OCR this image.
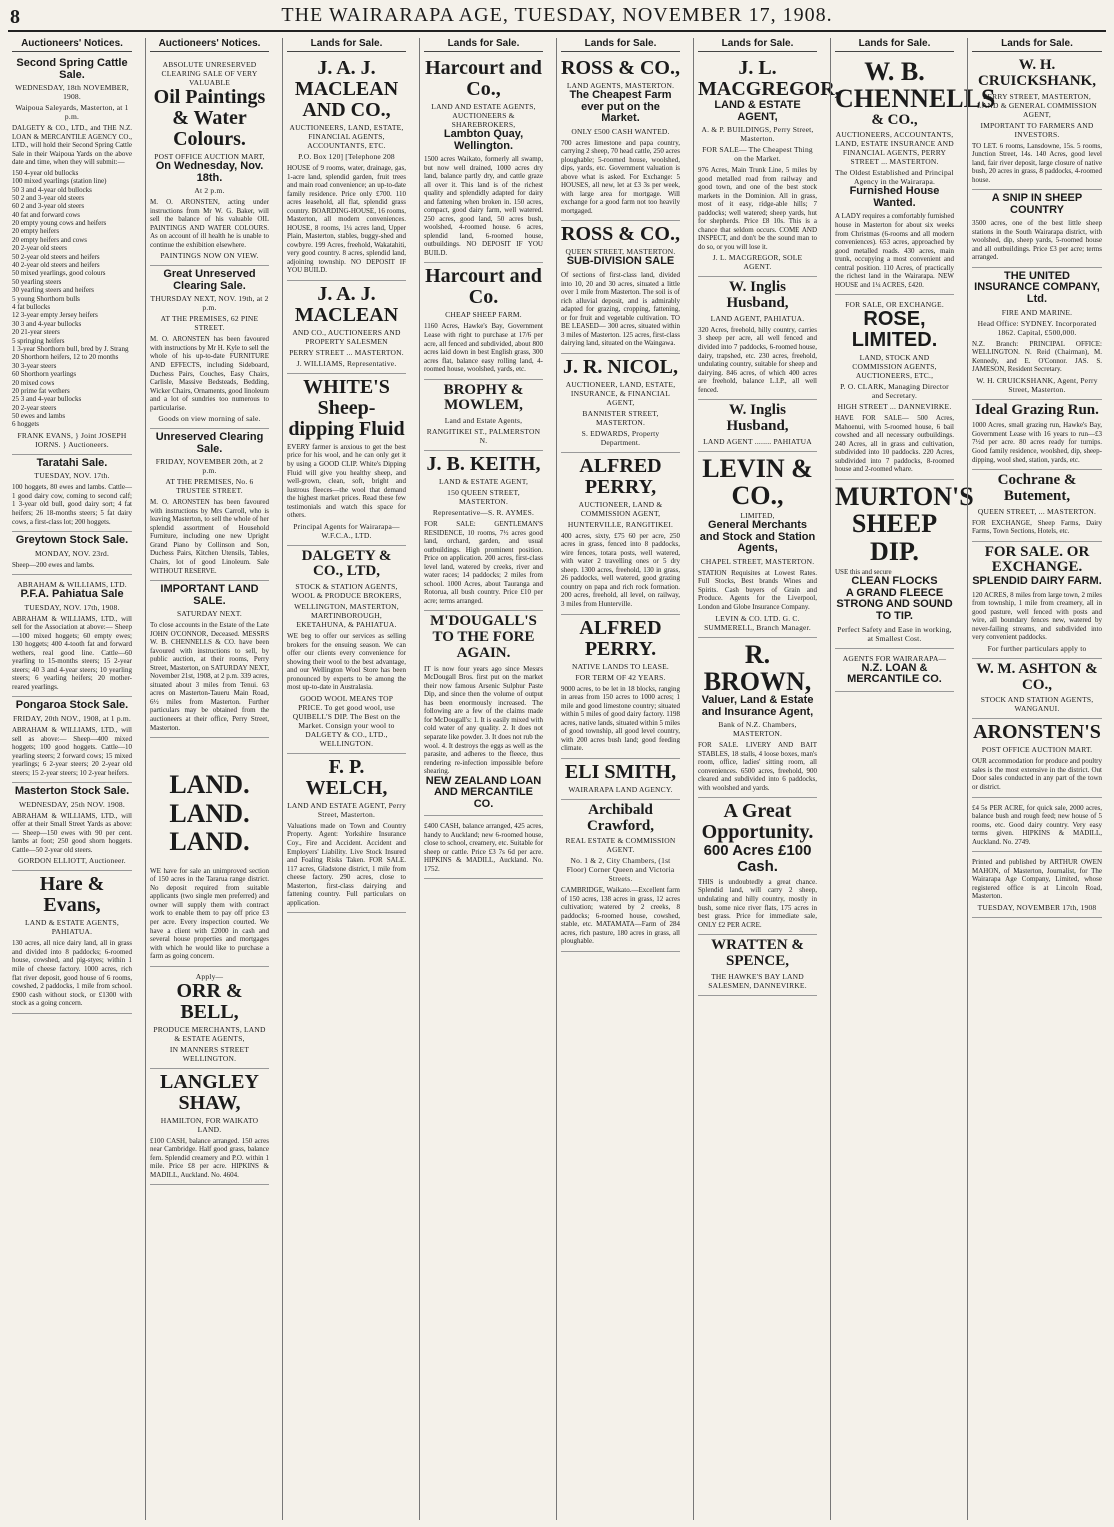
8	THE WAIRARAPA AGE, TUESDAY, NOVEMBER 17, 1908.
Auctioneers' Notices.
Second Spring Cattle Sale.
WEDNESDAY, 18th NOVEMBER, 1908.
Waipoua Saleyards, Masterton, at 1 p.m.
DALGETY & CO., LTD., and THE N.Z. LOAN & MERCANTILE AGENCY CO., LTD., will hold their Second Spring Cattle Sale in their Waipoua Yards on the above date and time, when they will submit:—
150 4-year old bullocks
100 mixed yearlings (station line)
50 3 and 4-year old bullocks
50 2 and 3-year old steers
60 2 and 3-year old steers
40 fat and forward cows
20 empty young cows and heifers
20 empty heifers
20 empty heifers and cows
20 2-year old steers
50 2-year old steers and heifers
40 2-year old steers and heifers
50 mixed yearlings, good colours
50 yearling steers
30 yearling steers and heifers
5 young Shorthorn bulls
4 fat bullocks
12 3-year empty Jersey heifers
30 3 and 4-year bullocks
20 21-year steers
5 springing heifers
1 3-year Shorthorn bull, bred by J. Strang
20 Shorthorn heifers, 12 to 20 months
30 3-year steers
60 Shorthorn yearlings
20 mixed cows
20 prime fat wethers
25 3 and 4-year bullocks
20 2-year steers
50 ewes and lambs
6 hoggets
FRANK EVANS, } Joint JOSEPH IORNS. } Auctioneers.
Taratahi Sale.
TUESDAY, NOV. 17th.
100 hoggets, 80 ewes and lambs. Cattle—1 good dairy cow, coming to second calf; 1 3-year old bull, good dairy sort; 4 fat heifers; 26 18-months steers; 5 fat dairy cows, a first-class lot; 200 hoggets.
Greytown Stock Sale.
MONDAY, NOV. 23rd.
Sheep—200 ewes and lambs.
ABRAHAM & WILLIAMS, LTD.
P.F.A. Pahiatua Sale
TUESDAY, NOV. 17th, 1908.
ABRAHAM & WILLIAMS, LTD., will sell for the Association at above:— Sheep—100 mixed hoggets; 60 empty ewes; 130 hoggets; 400 4-tooth fat and forward wethers, real good line. Cattle—60 yearling to 15-months steers; 15 2-year steers; 40 3 and 4-year steers; 10 yearling steers; 6 yearling heifers; 20 mother-reared yearlings.
Pongaroa Stock Sale.
FRIDAY, 20th NOV., 1908, at 1 p.m.
ABRAHAM & WILLIAMS, LTD., will sell as above:— Sheep—400 mixed hoggets; 100 good hoggets. Cattle—10 yearling steers; 2 forward cows; 15 mixed yearlings; 6 2-year steers; 20 2-year old steers; 15 2-year steers; 10 2-year heifers.
Masterton Stock Sale.
WEDNESDAY, 25th NOV. 1908.
ABRAHAM & WILLIAMS, LTD., will offer at their Small Street Yards as above:— Sheep—150 ewes with 90 per cent. lambs at foot; 250 good shorn hoggets. Cattle—50 2-year old steers.
GORDON ELLIOTT, Auctioneer.
Hare & Evans,
LAND & ESTATE AGENTS, PAHIATUA.
130 acres, all nice dairy land, all in grass and divided into 8 paddocks; 6-roomed house, cowshed, and pig-styes; within 1 mile of cheese factory. 1000 acres, rich flat river deposit, good house of 6 rooms, cowshed, 2 paddocks, 1 mile from school. £900 cash without stock, or £1300 with stock as a going concern.
Auctioneers' Notices.
ABSOLUTE UNRESERVED CLEARING SALE OF VERY VALUABLE
Oil Paintings & Water Colours.
POST OFFICE AUCTION MART,
On Wednesday, Nov. 18th.
At 2 p.m.
M. O. ARONSTEN, acting under instructions from Mr W. G. Baker, will sell the balance of his valuable OIL PAINTINGS AND WATER COLOURS. As on account of ill health he is unable to continue the exhibition elsewhere.
PAINTINGS NOW ON VIEW.
Great Unreserved Clearing Sale.
THURSDAY NEXT, NOV. 19th, at 2 p.m.
AT THE PREMISES, 62 PINE STREET.
M. O. ARONSTEN has been favoured with instructions by Mr H. Kyle to sell the whole of his up-to-date FURNITURE AND EFFECTS, including Sideboard, Duchess Pairs, Couches, Easy Chairs, Carlisle, Massive Bedsteads, Bedding, Wicker Chairs, Ornaments, good linoleum and a lot of sundries too numerous to particularise.
Goods on view morning of sale.
Unreserved Clearing Sale.
FRIDAY, NOVEMBER 20th, at 2 p.m.
AT THE PREMISES, No. 6 TRUSTEE STREET.
M. O. ARONSTEN has been favoured with instructions by Mrs Carroll, who is leaving Masterton, to sell the whole of her splendid assortment of Household Furniture, including one new Upright Grand Piano by Collinson and Son, Duchess Pairs, Kitchen Utensils, Tables, Chairs, lot of good Linoleum. Sale WITHOUT RESERVE.
IMPORTANT LAND SALE.
SATURDAY NEXT.
To close accounts in the Estate of the Late JOHN O'CONNOR, Deceased. MESSRS W. B. CHENNELLS & CO. have been favoured with instructions to sell, by public auction, at their rooms, Perry Street, Masterton, on SATURDAY NEXT, November 21st, 1908, at 2 p.m. 339 acres, situated about 3 miles from Tenui. 63 acres on Masterton-Taueru Main Road, 6½ miles from Masterton. Further particulars may be obtained from the auctioneers at their office, Perry Street, Masterton.
LAND. LAND. LAND.
WE have for sale an unimproved section of 150 acres in the Tararua range district. No deposit required from suitable applicants (two single men preferred) and owner will supply them with contract work to enable them to pay off price £3 per acre. Every inspection courted. We have a client with £2000 in cash and several house properties and mortgages with which he would like to purchase a farm as going concern.
Apply—
ORR & BELL,
PRODUCE MERCHANTS, LAND & ESTATE AGENTS,
IN MANNERS STREET WELLINGTON.
LANGLEY SHAW,
HAMILTON, FOR WAIKATO LAND.
£100 CASH, balance arranged. 150 acres near Cambridge. Half good grass, balance fern. Splendid creamery and P.O. within 1 mile. Price £8 per acre. HIPKINS & MADILL, Auckland. No. 4604.
Lands for Sale.
J. A. J. MACLEAN AND CO.,
AUCTIONEERS, LAND, ESTATE, FINANCIAL AGENTS, ACCOUNTANTS, ETC.
P.O. Box 120] [Telephone 208
HOUSE of 9 rooms, water, drainage, gas, 1-acre land, splendid garden, fruit trees and main road convenience; an up-to-date family residence. Price only £700. 110 acres leasehold, all flat, splendid grass country. BOARDING-HOUSE, 16 rooms, Masterton, all modern conveniences. HOUSE, 8 rooms, 1¼ acres land, Upper Plain, Masterton, stables, buggy-shed and cowbyre. 199 Acres, freehold, Wakatahiti, very good country. 8 acres, splendid land, adjoining township. NO DEPOSIT IF YOU BUILD.
J. A. J. MACLEAN
AND CO., AUCTIONEERS AND PROPERTY SALESMEN
PERRY STREET ... MASTERTON.
J. WILLIAMS, Representative.
WHITE'S Sheep-dipping Fluid
EVERY farmer is anxious to get the best price for his wool, and he can only get it by using a GOOD CLIP. White's Dipping Fluid will give you healthy sheep, and well-grown, clean, soft, bright and lustrous fleeces—the wool that demand the highest market prices. Read these few testimonials and watch this space for others.
Principal Agents for Wairarapa—W.F.C.A., LTD.
DALGETY & CO., LTD,
STOCK & STATION AGENTS, WOOL & PRODUCE BROKERS,
WELLINGTON, MASTERTON, MARTINBOROUGH, EKETAHUNA, & PAHIATUA.
WE beg to offer our services as selling brokers for the ensuing season. We can offer our clients every convenience for showing their wool to the best advantage, and our Wellington Wool Store has been pronounced by experts to be among the most up-to-date in Australasia.
GOOD WOOL MEANS TOP PRICE. To get good wool, use QUIBELL'S DIP. The Best on the Market. Consign your wool to DALGETY & CO., LTD., WELLINGTON.
F. P. WELCH,
LAND AND ESTATE AGENT, Perry Street, Masterton.
Valuations made on Town and Country Property. Agent: Yorkshire Insurance Coy., Fire and Accident. Accident and Employers' Liability. Live Stock Insured and Foaling Risks Taken. FOR SALE. 117 acres, Gladstone district, 1 mile from cheese factory. 290 acres, close to Masterton, first-class dairying and fattening country. Full particulars on application.
Lands for Sale.
Harcourt and Co.,
LAND AND ESTATE AGENTS, AUCTIONEERS & SHAREBROKERS,
Lambton Quay, Wellington.
1500 acres Waikato, formerly all swamp, but now well drained, 1000 acres dry land, balance partly dry, and cattle graze all over it. This land is of the richest quality and splendidly adapted for dairy and fattening when broken in. 150 acres, compact, good dairy farm, well watered. 250 acres, good land, 50 acres bush, woolshed, 4-roomed house. 6 acres, splendid land, 6-roomed house, outbuildings. NO DEPOSIT IF YOU BUILD.
Harcourt and Co.
CHEAP SHEEP FARM.
1160 Acres, Hawke's Bay, Government Lease with right to purchase at 17/6 per acre, all fenced and subdivided, about 800 acres laid down in best English grass, 300 acres flat, balance easy rolling land, 4-roomed house, woolshed, yards, etc.
BROPHY & MOWLEM,
Land and Estate Agents,
RANGITIKEI ST., PALMERSTON N.
J. B. KEITH,
LAND & ESTATE AGENT,
150 QUEEN STREET, MASTERTON.
Representative—S. R. AYMES.
FOR SALE: GENTLEMAN'S RESIDENCE, 10 rooms, 7½ acres good land, orchard, garden, and usual outbuildings. High prominent position. Price on application. 200 acres, first-class level land, watered by creeks, river and water races; 14 paddocks; 2 miles from school. 1000 Acres, about Tauranga and Rotorua, all bush country. Price £10 per acre; terms arranged.
M'DOUGALL'S TO THE FORE AGAIN.
IT is now four years ago since Messrs McDougall Bros. first put on the market their now famous Arsenic Sulphur Paste Dip, and since then the volume of output has been enormously increased. The following are a few of the claims made for McDougall's: 1. It is easily mixed with cold water of any quality. 2. It does not separate like powder. 3. It does not rub the wool. 4. It destroys the eggs as well as the parasite, and adheres to the fleece, thus rendering re-infection impossible before shearing.
NEW ZEALAND LOAN AND MERCANTILE CO.
£400 CASH, balance arranged, 425 acres, handy to Auckland; new 6-roomed house, close to school, creamery, etc. Suitable for sheep or cattle. Price £3 7s 6d per acre. HIPKINS & MADILL, Auckland. No. 1752.
Lands for Sale.
ROSS & CO.,
LAND AGENTS, MASTERTON.
The Cheapest Farm ever put on the Market.
ONLY £500 CASH WANTED.
700 acres limestone and papa country, carrying 2 sheep, 70 head cattle, 250 acres ploughable; 5-roomed house, woolshed, dips, yards, etc. Government valuation is above what is asked. For Exchange: 5 HOUSES, all new, let at £3 3s per week, with large area for mortgage. Will exchange for a good farm not too heavily mortgaged.
ROSS & CO.,
QUEEN STREET, MASTERTON.
SUB-DIVISION SALE
Of sections of first-class land, divided into 10, 20 and 30 acres, situated a little over 1 mile from Masterton. The soil is of rich alluvial deposit, and is admirably adapted for grazing, cropping, fattening, or for fruit and vegetable cultivation. TO BE LEASED— 300 acres, situated within 3 miles of Masterton. 125 acres, first-class dairying land, situated on the Waingawa.
J. R. NICOL,
AUCTIONEER, LAND, ESTATE, INSURANCE, & FINANCIAL AGENT,
BANNISTER STREET, MASTERTON.
S. EDWARDS, Property Department.
ALFRED PERRY,
AUCTIONEER, LAND & COMMISSION AGENT,
HUNTERVILLE, RANGITIKEI.
400 acres, sixty, £75 60 per acre, 250 acres in grass, fenced into 8 paddocks, wire fences, totara posts, well watered, with water 2 travelling ones or 5 dry sheep. 1300 acres, freehold, 130 in grass, 26 paddocks, well watered, good grazing country on papa and rich rock formation. 200 acres, freehold, all level, on railway, 3 miles from Hunterville.
ALFRED PERRY.
NATIVE LANDS TO LEASE.
FOR TERM OF 42 YEARS.
9000 acres, to be let in 18 blocks, ranging in areas from 150 acres to 1000 acres; 1 mile and good limestone country; situated within 5 miles of good dairy factory. 1198 acres, native lands, situated within 5 miles of good township, all good level country, with 200 acres bush land; good feeding climate.
ELI SMITH,
WAIRARAPA LAND AGENCY.
Archibald Crawford,
REAL ESTATE & COMMISSION AGENT.
No. 1 & 2, City Chambers, (1st Floor) Corner Queen and Victoria Streets.
CAMBRIDGE, Waikato.—Excellent farm of 150 acres, 138 acres in grass, 12 acres cultivation; watered by 2 creeks, 8 paddocks; 6-roomed house, cowshed, stable, etc. MATAMATA—Farm of 284 acres, rich pasture, 180 acres in grass, all ploughable.
Lands for Sale.
J. L. MACGREGOR,
LAND & ESTATE AGENT,
A. & P. BUILDINGS, Perry Street, Masterton.
FOR SALE— The Cheapest Thing on the Market.
976 Acres, Main Trunk Line, 5 miles by good metalled road from railway and good town, and one of the best stock markets in the Dominion. All in grass, most of it easy, ridge-able hills; 7 paddocks; well watered; sheep yards, hut for shepherds. Price £8 10s. This is a chance that seldom occurs. COME AND INSPECT, and don't be the sound man to do so, or you will lose it.
J. L. MACGREGOR, SOLE AGENT.
W. Inglis Husband,
LAND AGENT, PAHIATUA.
320 Acres, freehold, hilly country, carries 3 sheep per acre, all well fenced and divided into 7 paddocks, 6-roomed house, dairy, trapshed, etc. 230 acres, freehold, undulating country, suitable for sheep and dairying. 846 acres, of which 400 acres are freehold, balance L.I.P., all well fenced.
W. Inglis Husband,
LAND AGENT ........ PAHIATUA
LEVIN & CO.,
LIMITED,
General Merchants and Stock and Station Agents,
CHAPEL STREET, MASTERTON.
STATION Requisites at Lowest Rates. Full Stocks, Best brands Wines and Spirits. Cash buyers of Grain and Produce. Agents for the Liverpool, London and Globe Insurance Company.
LEVIN & CO. LTD. G. C. SUMMERELL, Branch Manager.
R. BROWN,
Valuer, Land & Estate and Insurance Agent,
Bank of N.Z. Chambers, MASTERTON.
FOR SALE. LIVERY AND BAIT STABLES, 18 stalls, 4 loose boxes, man's room, office, ladies' sitting room, all conveniences. 6500 acres, freehold, 900 cleared and subdivided into 6 paddocks, with woolshed and yards.
A Great Opportunity.
600 Acres £100 Cash.
THIS is undoubtedly a great chance. Splendid land, will carry 2 sheep, undulating and hilly country, mostly in bush, some nice river flats, 175 acres in best grass. Price for immediate sale, ONLY £2 PER ACRE.
WRATTEN & SPENCE,
THE HAWKE'S BAY LAND SALESMEN, DANNEVIRKE.
Lands for Sale.
W. B. CHENNELLS
& CO.,
AUCTIONEERS, ACCOUNTANTS, LAND, ESTATE INSURANCE AND FINANCIAL AGENTS, PERRY STREET ... MASTERTON.
The Oldest Established and Principal Agency in the Wairarapa.
Furnished House Wanted.
A LADY requires a comfortably furnished house in Masterton for about six weeks from Christmas (6-rooms and all modern conveniences). 653 acres, approached by good metalled roads. 430 acres, main trunk, occupying a most convenient and central position. 110 Acres, of practically the richest land in the Wairarapa. NEW HOUSE and 1¼ ACRES, £420.
FOR SALE, OR EXCHANGE.
ROSE, LIMITED.
LAND, STOCK AND COMMISSION AGENTS, AUCTIONEERS, ETC.,
P. O. CLARK, Managing Director and Secretary.
HIGH STREET ... DANNEVIRKE.
HAVE FOR SALE— 500 Acres, Mahoenui, with 5-roomed house, 6 bail cowshed and all necessary outbuildings. 240 Acres, all in grass and cultivation, subdivided into 10 paddocks. 220 Acres, subdivided into 7 paddocks, 8-roomed house and 2-roomed whare.
MURTON'S SHEEP DIP.
USE this and secure
CLEAN FLOCKS
A GRAND FLEECE STRONG AND SOUND TO TIP.
Perfect Safety and Ease in working, at Smallest Cost.
AGENTS FOR WAIRARAPA—
N.Z. LOAN & MERCANTILE CO.
Lands for Sale.
W. H. CRUICKSHANK,
PERRY STREET, MASTERTON, LAND & GENERAL COMMISSION AGENT,
IMPORTANT TO FARMERS AND INVESTORS.
TO LET. 6 rooms, Lansdowne, 15s. 5 rooms, Junction Street, 14s. 140 Acres, good level land, fair river deposit, large closure of native bush, 20 acres in grass, 8 paddocks, 4-roomed house.
A SNIP IN SHEEP COUNTRY
3500 acres, one of the best little sheep stations in the South Wairarapa district, with woolshed, dip, sheep yards, 5-roomed house and all outbuildings. Price £3 per acre; terms arranged.
THE UNITED INSURANCE COMPANY, Ltd.
FIRE AND MARINE.
Head Office: SYDNEY. Incorporated 1862. Capital, £500,000.
N.Z. Branch: PRINCIPAL OFFICE: WELLINGTON. N. Reid (Chairman), M. Kennedy, and E. O'Connor. JAS. S. JAMESON, Resident Secretary.
W. H. CRUICKSHANK, Agent, Perry Street, Masterton.
Ideal Grazing Run.
1000 Acres, small grazing run, Hawke's Bay, Government Lease with 16 years to run—£3 7½d per acre. 80 acres ready for turnips. Good family residence, woolshed, dip, sheep-dipping, wool shed, station, yards, etc.
Cochrane & Butement,
QUEEN STREET, ... MASTERTON.
FOR EXCHANGE, Sheep Farms, Dairy Farms, Town Sections, Hotels, etc.
FOR SALE. OR EXCHANGE.
SPLENDID DAIRY FARM.
120 ACRES, 8 miles from large town, 2 miles from township, 1 mile from creamery, all in good pasture, well fenced with posts and wire, all boundary fences new, watered by never-failing streams, and subdivided into very convenient paddocks.
For further particulars apply to
W. M. ASHTON & CO.,
STOCK AND STATION AGENTS, WANGANUI.
ARONSTEN'S
POST OFFICE AUCTION MART.
OUR accommodation for produce and poultry sales is the most extensive in the district. Out Door sales conducted in any part of the town or district.
£4 5s PER ACRE, for quick sale, 2000 acres, balance bush and rough feed; new house of 5 rooms, etc. Good dairy country. Very easy terms given. HIPKINS & MADILL, Auckland. No. 2749.
Printed and published by ARTHUR OWEN MAHON, of Masterton, Journalist, for The Wairarapa Age Company, Limited, whose registered office is at Lincoln Road, Masterton.
TUESDAY, NOVEMBER 17th, 1908
